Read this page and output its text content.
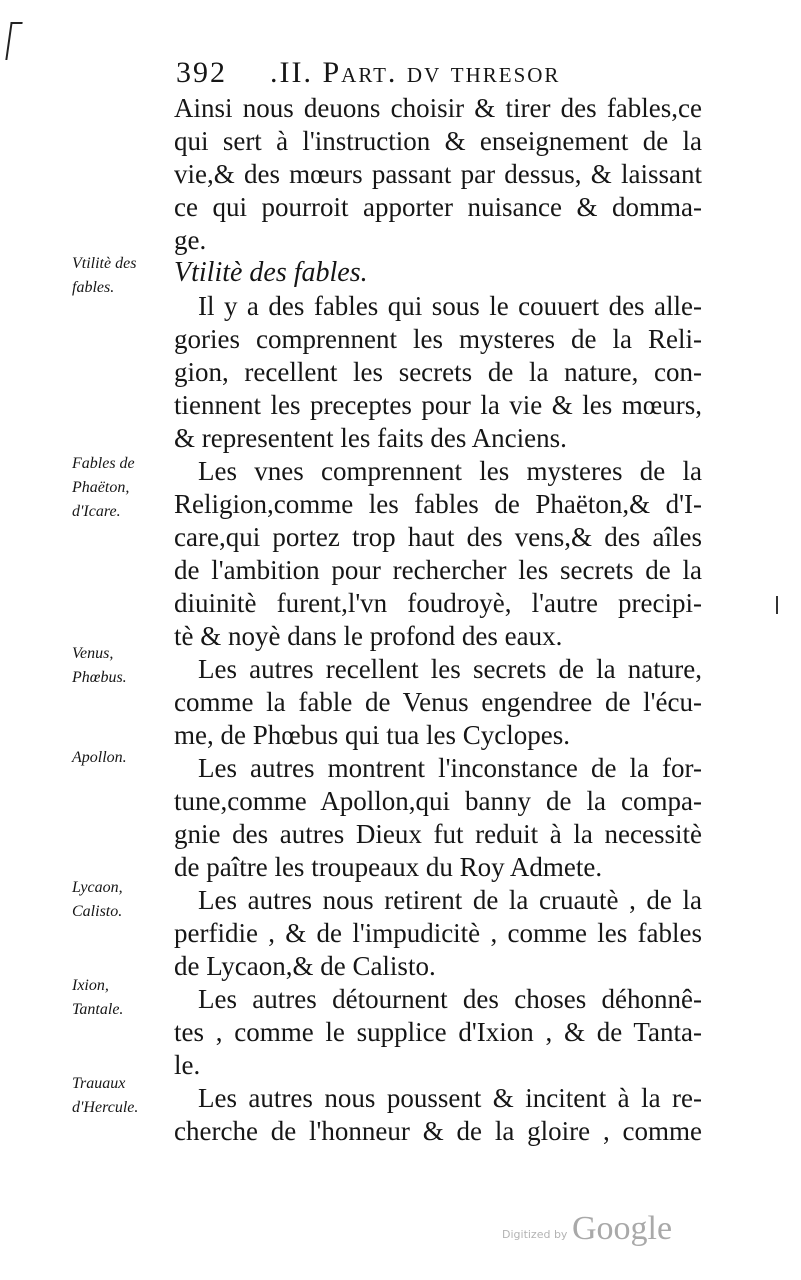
392 .II. Part. dv thresor
Ainsi nous deuons choisir & tirer des fables,ce
qui sert à l'instruction & enseignement de la
vie,& des mœurs passant par dessus, & laissant
ce qui pourroit apporter nuisance & domma-
ge.
Vtilitè des fables.
Il y a des fables qui sous le couuert des alle-
gories comprennent les mysteres de la Reli-
gion, recellent les secrets de la nature, con-
tiennent les preceptes pour la vie & les mœurs,
& representent les faits des Anciens.
Les vnes comprennent les mysteres de la
Religion,comme les fables de Phaëton,& d'I-
care,qui portez trop haut des vens,& des aîles
de l'ambition pour rechercher les secrets de la
diuinitè furent,l'vn foudroyè, l'autre precipi-
tè & noyè dans le profond des eaux.
Les autres recellent les secrets de la nature,
comme la fable de Venus engendree de l'écu-
me, de Phœbus qui tua les Cyclopes.
Les autres montrent l'inconstance de la for-
tune,comme Apollon,qui banny de la compa-
gnie des autres Dieux fut reduit à la necessitè
de paître les troupeaux du Roy Admete.
Les autres nous retirent de la cruautè , de la
perfidie , & de l'impudicitè , comme les fables
de Lycaon,& de Calisto.
Les autres détournent des choses déhonnê-
tes , comme le supplice d'Ixion , & de Tanta-
le.
Les autres nous poussent & incitent à la re-
cherche de l'honneur & de la gloire , comme
Vtilitè des
fables.
Fables de
Phaëton,
d'Icare.
Venus,
Phœbus.
Apollon.
Lycaon,
Calisto.
Ixion,
Tantale.
Trauaux
d'Hercule.
Digitized by Google
